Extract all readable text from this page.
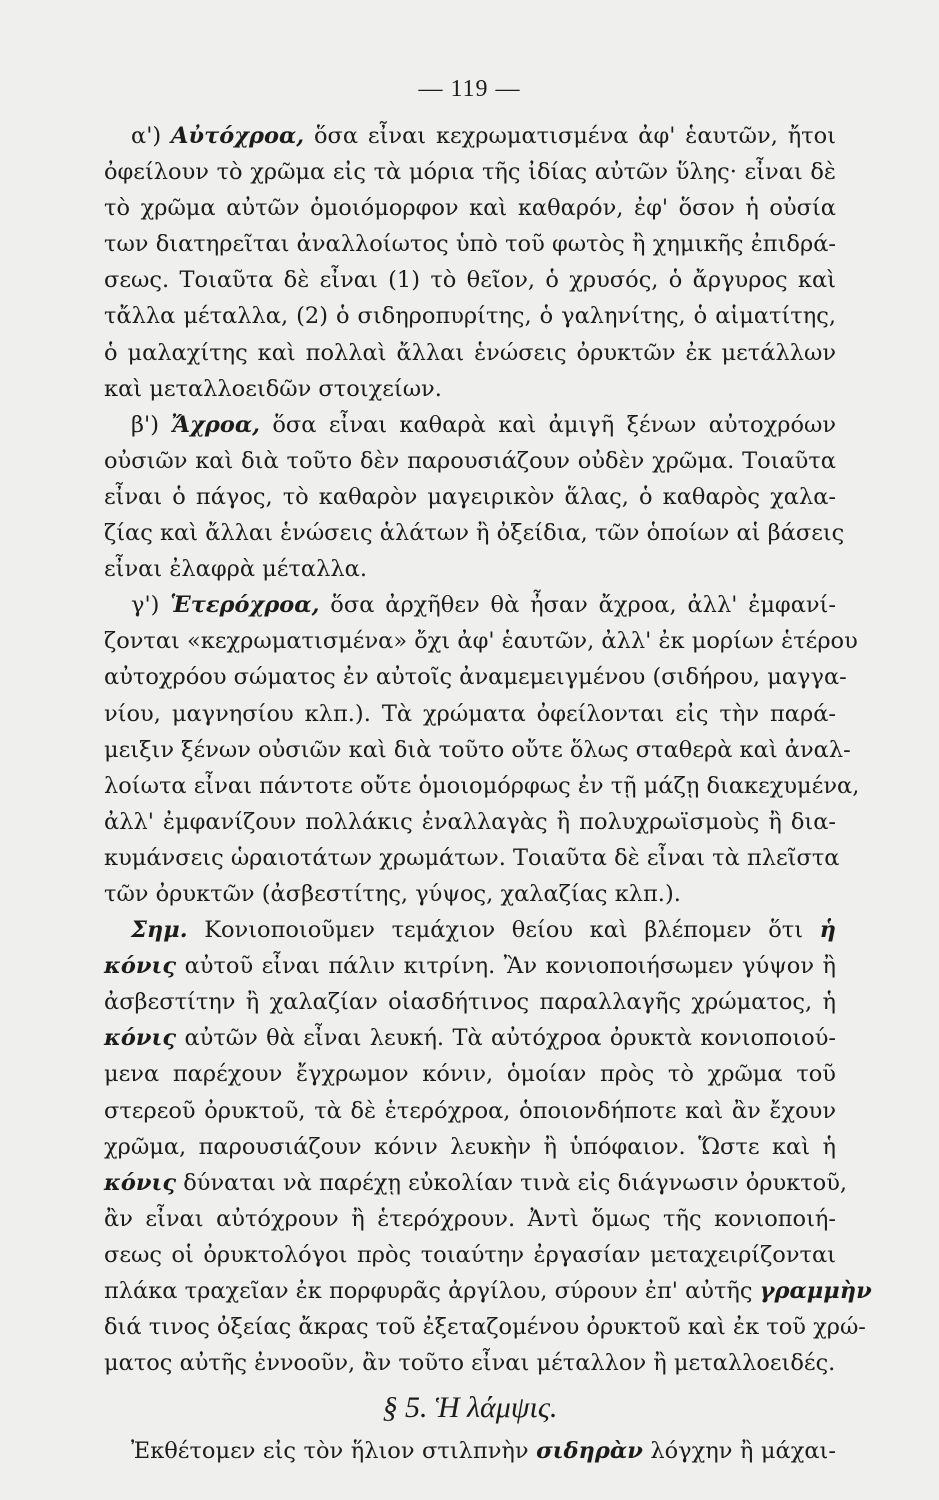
— 119 —
α') Αὐτόχροα, ὅσα εἶναι κεχρωματισμένα ἀφ' ἑαυτῶν, ἤτοι
ὀφείλουν τὸ χρῶμα εἰς τὰ μόρια τῆς ἰδίας αὐτῶν ὕλης· εἶναι δὲ
τὸ χρῶμα αὐτῶν ὁμοιόμορφον καὶ καθαρόν, ἐφ' ὅσον ἡ οὐσία
των διατηρεῖται ἀναλλοίωτος ὑπὸ τοῦ φωτὸς ἢ χημικῆς ἐπιδρά-
σεως. Τοιαῦτα δὲ εἶναι (1) τὸ θεῖον, ὁ χρυσός, ὁ ἄργυρος καὶ
τἄλλα μέταλλα, (2) ὁ σιδηροπυρίτης, ὁ γαληνίτης, ὁ αἱματίτης,
ὁ μαλαχίτης καὶ πολλαὶ ἄλλαι ἑνώσεις ὀρυκτῶν ἐκ μετάλλων
καὶ μεταλλοειδῶν στοιχείων.
β') Ἄχροα, ὅσα εἶναι καθαρὰ καὶ ἀμιγῆ ξένων αὐτοχρόων
οὐσιῶν καὶ διὰ τοῦτο δὲν παρουσιάζουν οὐδὲν χρῶμα. Τοιαῦτα
εἶναι ὁ πάγος, τὸ καθαρὸν μαγειρικὸν ἅλας, ὁ καθαρὸς χαλα-
ζίας καὶ ἄλλαι ἑνώσεις ἁλάτων ἢ ὀξείδια, τῶν ὁποίων αἱ βάσεις
εἶναι ἐλαφρὰ μέταλλα.
γ') Ἑτερόχροα, ὅσα ἀρχῆθεν θὰ ἦσαν ἄχροα, ἀλλ' ἐμφανί-
ζονται «κεχρωματισμένα» ὄχι ἀφ' ἑαυτῶν, ἀλλ' ἐκ μορίων ἑτέρου
αὐτοχρόου σώματος ἐν αὐτοῖς ἀναμεμειγμένου (σιδήρου, μαγγα-
νίου, μαγνησίου κλπ.). Τὰ χρώματα ὀφείλονται εἰς τὴν παρά-
μειξιν ξένων οὐσιῶν καὶ διὰ τοῦτο οὔτε ὅλως σταθερὰ καὶ ἀναλ-
λοίωτα εἶναι πάντοτε οὔτε ὁμοιομόρφως ἐν τῇ μάζῃ διακεχυμένα,
ἀλλ' ἐμφανίζουν πολλάκις ἐναλλαγὰς ἢ πολυχρωϊσμοὺς ἢ δια-
κυμάνσεις ὡραιοτάτων χρωμάτων. Τοιαῦτα δὲ εἶναι τὰ πλεῖστα
τῶν ὀρυκτῶν (ἀσβεστίτης, γύψος, χαλαζίας κλπ.).
Σημ. Κονιοποιοῦμεν τεμάχιον θείου καὶ βλέπομεν ὅτι ἡ
κόνις αὐτοῦ εἶναι πάλιν κιτρίνη. Ἂν κονιοποιήσωμεν γύψον ἢ
ἀσβεστίτην ἢ χαλαζίαν οἱασδήτινος παραλλαγῆς χρώματος, ἡ
κόνις αὐτῶν θὰ εἶναι λευκή. Τὰ αὐτόχροα ὀρυκτὰ κονιοποιού-
μενα παρέχουν ἔγχρωμον κόνιν, ὁμοίαν πρὸς τὸ χρῶμα τοῦ
στερεοῦ ὀρυκτοῦ, τὰ δὲ ἑτερόχροα, ὁποιονδήποτε καὶ ἂν ἔχουν
χρῶμα, παρουσιάζουν κόνιν λευκὴν ἢ ὑπόφαιον. Ὥστε καὶ ἡ
κόνις δύναται νὰ παρέχῃ εὐκολίαν τινὰ εἰς διάγνωσιν ὀρυκτοῦ,
ἂν εἶναι αὐτόχρουν ἢ ἑτερόχρουν. Ἀντὶ ὅμως τῆς κονιοποιή-
σεως οἱ ὀρυκτολόγοι πρὸς τοιαύτην ἐργασίαν μεταχειρίζονται
πλάκα τραχεῖαν ἐκ πορφυρᾶς ἀργίλου, σύρουν ἐπ' αὐτῆς γραμμὴν
διά τινος ὀξείας ἄκρας τοῦ ἐξεταζομένου ὀρυκτοῦ καὶ ἐκ τοῦ χρώ-
ματος αὐτῆς ἐννοοῦν, ἂν τοῦτο εἶναι μέταλλον ἢ μεταλλοειδές.
§ 5. Ἡ λάμψις.
Ἐκθέτομεν εἰς τὸν ἥλιον στιλπνὴν σιδηρὰν λόγχην ἢ μάχαι-
